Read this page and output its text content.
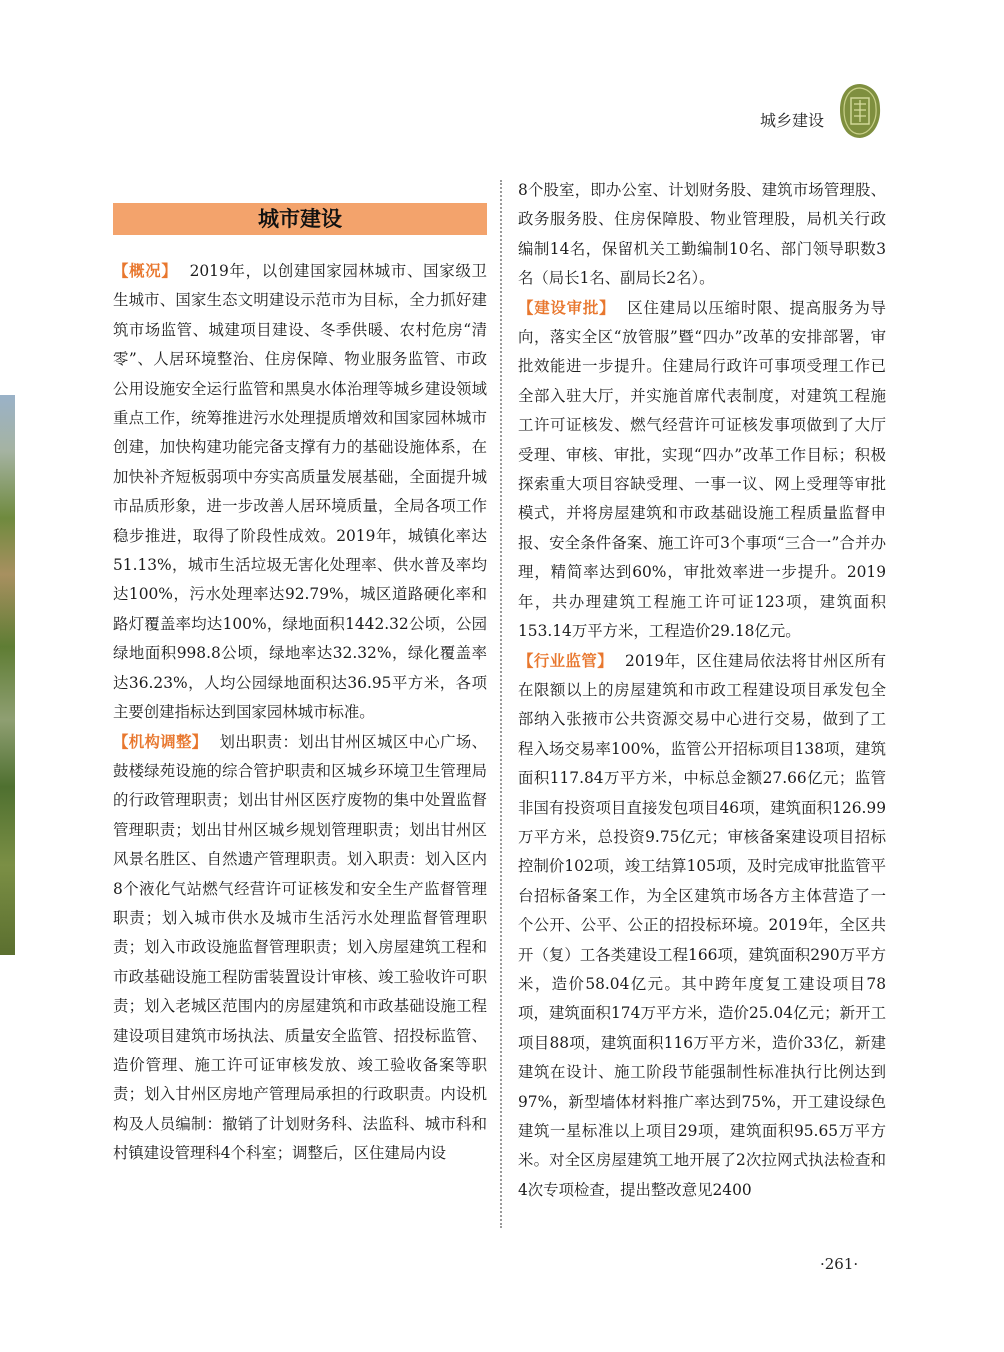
城乡建设
城市建设

【概况】 2019年，以创建国家园林城市、国家级卫生城市、国家生态文明建设示范市为目标，全力抓好建筑市场监管、城建项目建设、冬季供暖、农村危房“清零”、人居环境整治、住房保障、物业服务监管、市政公用设施安全运行监管和黑臭水体治理等城乡建设领域重点工作，统筹推进污水处理提质增效和国家园林城市创建，加快构建功能完备支撑有力的基础设施体系，在加快补齐短板弱项中夯实高质量发展基础，全面提升城市品质形象，进一步改善人居环境质量，全局各项工作稳步推进，取得了阶段性成效。2019年，城镇化率达51.13%，城市生活垃圾无害化处理率、供水普及率均达100%，污水处理率达92.79%，城区道路硬化率和路灯覆盖率均达100%，绿地面积1442.32公顷，公园绿地面积998.8公顷，绿地率达32.32%，绿化覆盖率达36.23%，人均公园绿地面积达36.95平方米，各项主要创建指标达到国家园林城市标准。

【机构调整】 划出职责：划出甘州区城区中心广场、鼓楼绿苑设施的综合管护职责和区城乡环境卫生管理局的行政管理职责；划出甘州区医疗废物的集中处置监督管理职责；划出甘州区城乡规划管理职责；划出甘州区风景名胜区、自然遗产管理职责。划入职责：划入区内8个液化气站燃气经营许可证核发和安全生产监督管理职责；划入城市供水及城市生活污水处理监督管理职责；划入市政设施监督管理职责；划入房屋建筑工程和市政基础设施工程防雷装置设计审核、竣工验收许可职责；划入老城区范围内的房屋建筑和市政基础设施工程建设项目建筑市场执法、质量安全监管、招投标监管、造价管理、施工许可证审核发放、竣工验收备案等职责；划入甘州区房地产管理局承担的行政职责。内设机构及人员编制：撤销了计划财务科、法监科、城市科和村镇建设管理科4个科室；调整后，区住建局内设

8个股室，即办公室、计划财务股、建筑市场管理股、政务服务股、住房保障股、物业管理股，局机关行政编制14名，保留机关工勤编制10名、部门领导职数3名（局长1名、副局长2名）。

【建设审批】 区住建局以压缩时限、提高服务为导向，落实全区“放管服”暨“四办”改革的安排部署，审批效能进一步提升。住建局行政许可事项受理工作已全部入驻大厅，并实施首席代表制度，对建筑工程施工许可证核发、燃气经营许可证核发事项做到了大厅受理、审核、审批，实现“四办”改革工作目标；积极探索重大项目容缺受理、一事一议、网上受理等审批模式，并将房屋建筑和市政基础设施工程质量监督申报、安全条件备案、施工许可3个事项“三合一”合并办理，精简率达到60%，审批效率进一步提升。2019年，共办理建筑工程施工许可证123项，建筑面积153.14万平方米，工程造价29.18亿元。

【行业监管】 2019年，区住建局依法将甘州区所有在限额以上的房屋建筑和市政工程建设项目承发包全部纳入张掖市公共资源交易中心进行交易，做到了工程入场交易率100%，监管公开招标项目138项，建筑面积117.84万平方米，中标总金额27.66亿元；监管非国有投资项目直接发包项目46项，建筑面积126.99万平方米，总投资9.75亿元；审核备案建设项目招标控制价102项，竣工结算105项，及时完成审批监管平台招标备案工作，为全区建筑市场各方主体营造了一个公开、公平、公正的招投标环境。2019年，全区共开（复）工各类建设工程166项，建筑面积290万平方米，造价58.04亿元。其中跨年度复工建设项目78项，建筑面积174万平方米，造价25.04亿元；新开工项目88项，建筑面积116万平方米，造价33亿，新建建筑在设计、施工阶段节能强制性标准执行比例达到97%，新型墙体材料推广率达到75%，开工建设绿色建筑一星标准以上项目29项，建筑面积95.65万平方米。对全区房屋建筑工地开展了2次拉网式执法检查和4次专项检查，提出整改意见2400

·261·
